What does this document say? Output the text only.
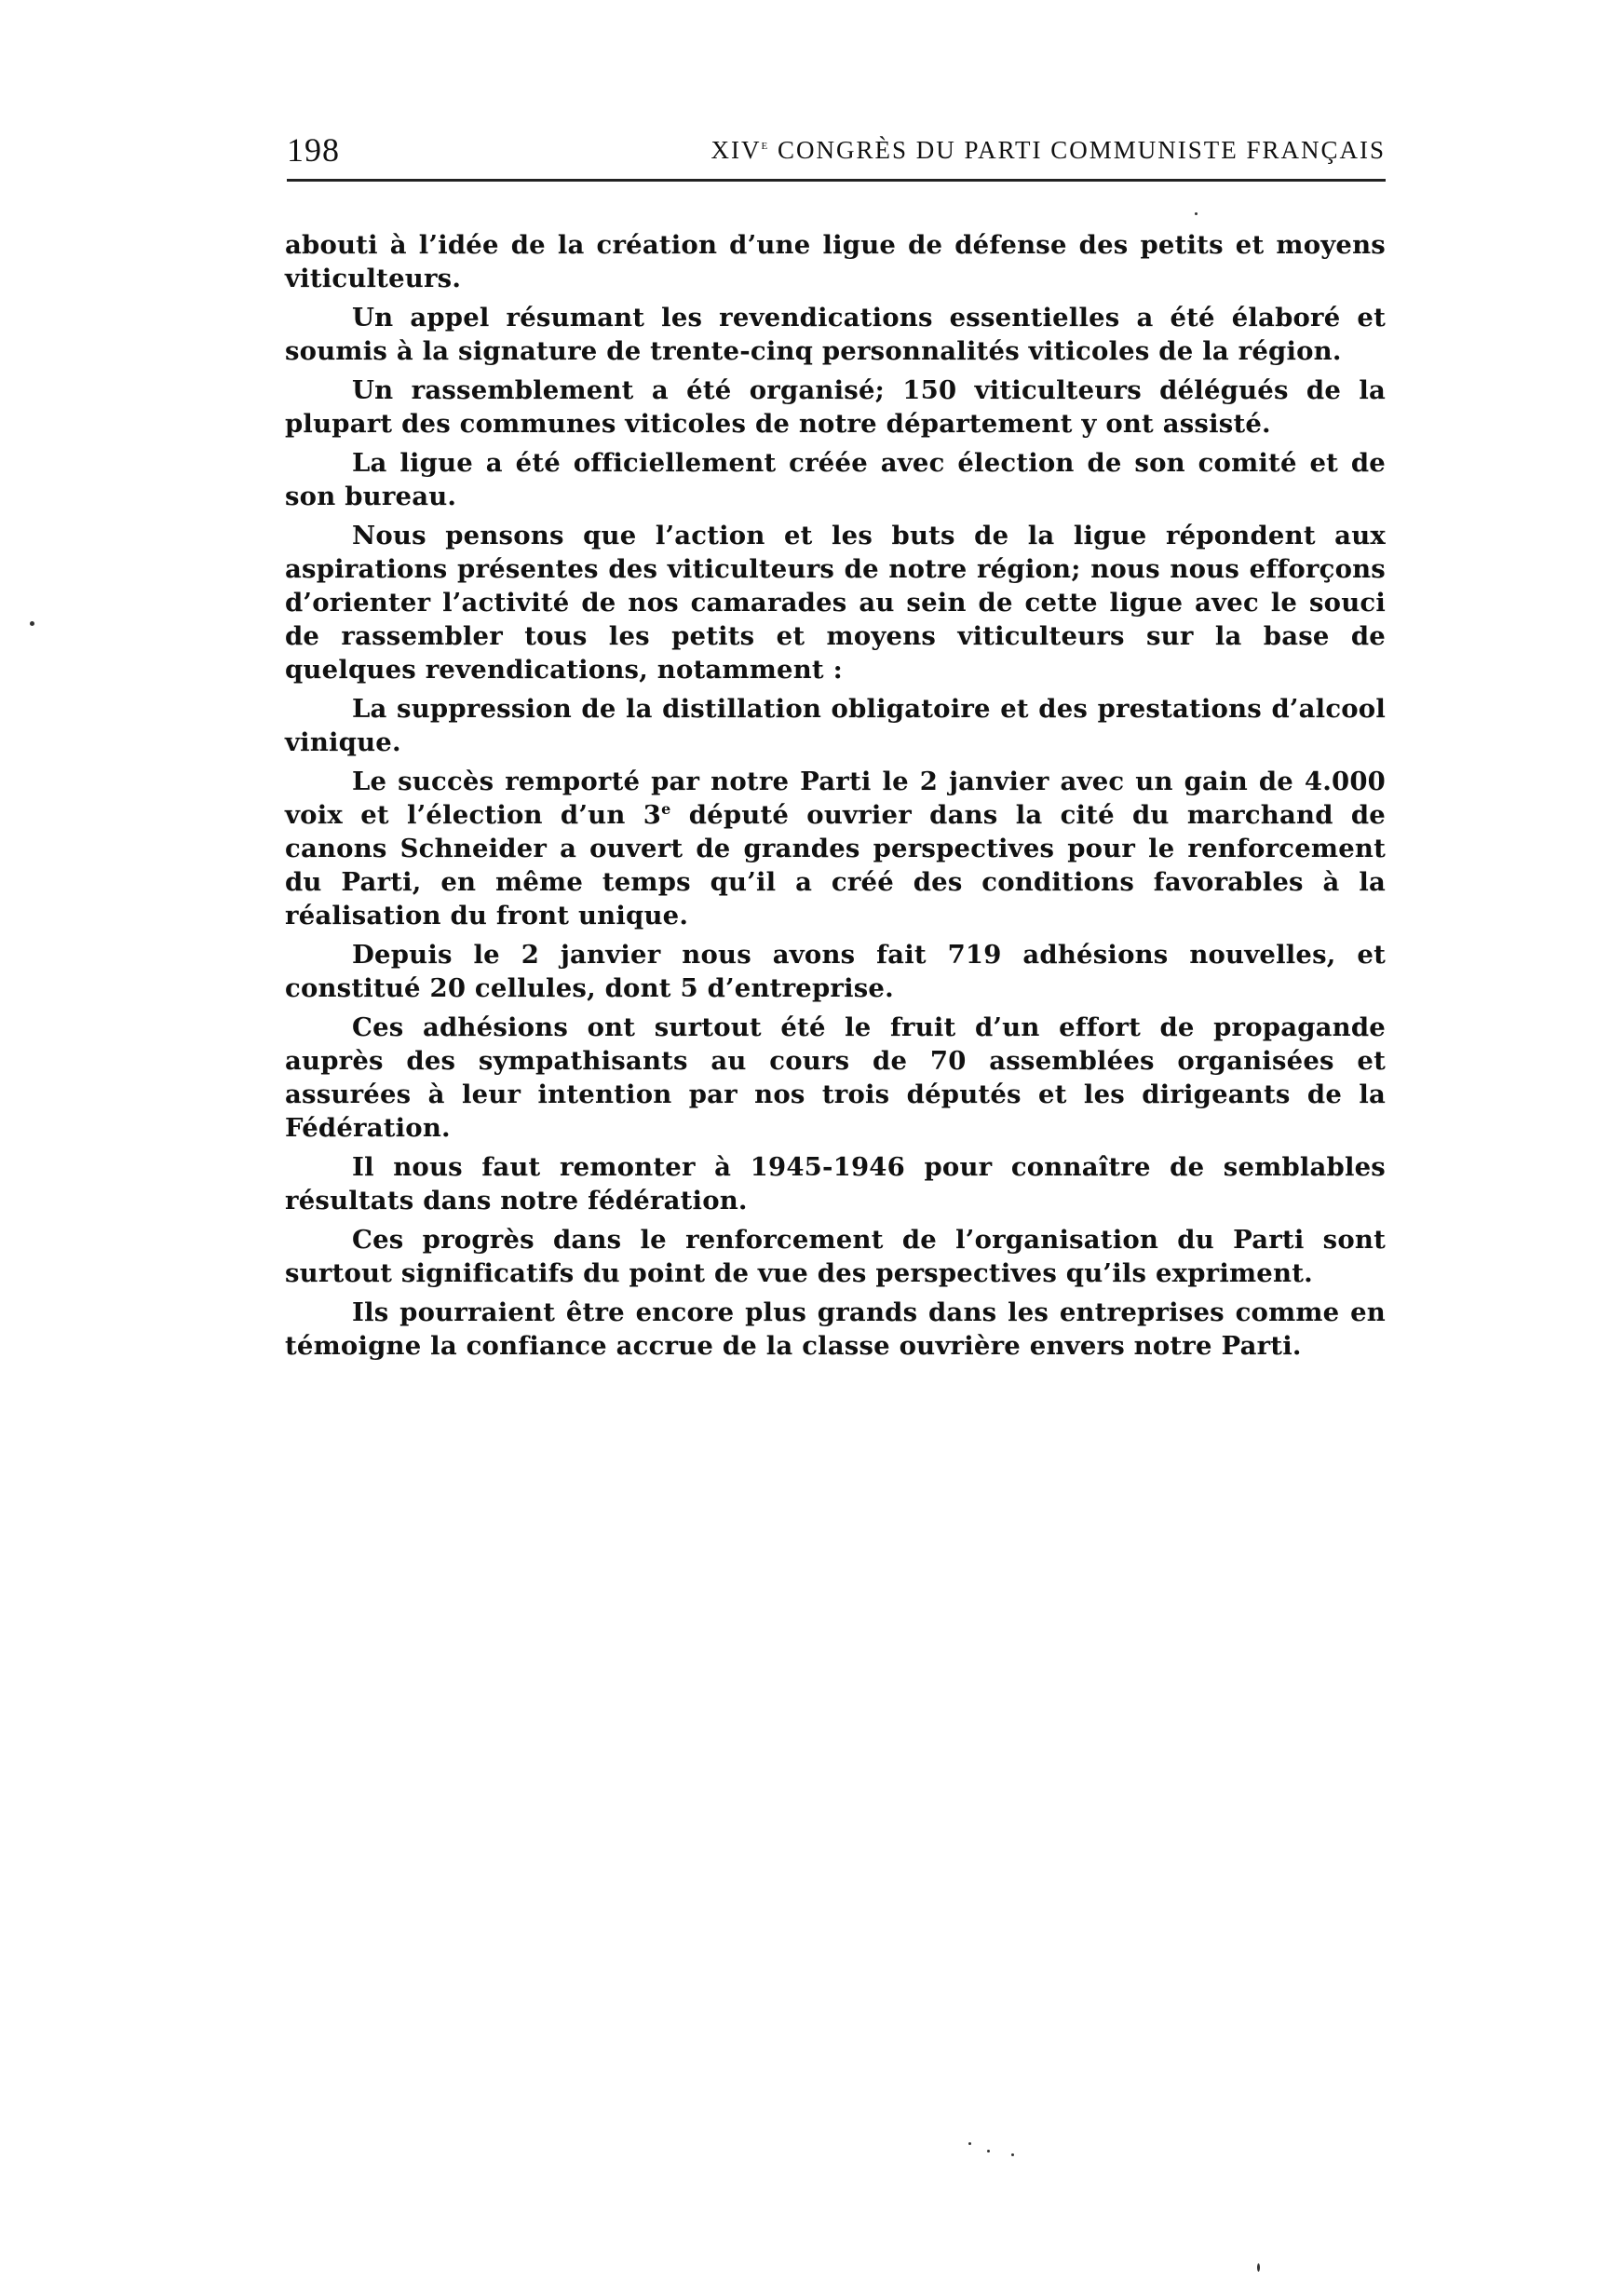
198	XIVe CONGRÈS DU PARTI COMMUNISTE FRANÇAIS

abouti à l’idée de la création d’une ligue de défense des petits et moyens viticulteurs.

Un appel résumant les revendications essentielles a été élaboré et soumis à la signature de trente-cinq personnalités viticoles de la région.

Un rassemblement a été organisé; 150 viticulteurs délégués de la plupart des communes viticoles de notre département y ont assisté.

La ligue a été officiellement créée avec élection de son comité et de son bureau.

Nous pensons que l’action et les buts de la ligue répondent aux aspirations présentes des viticulteurs de notre région; nous nous efforçons d’orienter l’activité de nos camarades au sein de cette ligue avec le souci de rassembler tous les petits et moyens viticulteurs sur la base de quelques revendications, notamment :

La suppression de la distillation obligatoire et des prestations d’alcool vinique.

Le succès remporté par notre Parti le 2 janvier avec un gain de 4.000 voix et l’élection d’un 3e député ouvrier dans la cité du marchand de canons Schneider a ouvert de grandes perspectives pour le renforcement du Parti, en même temps qu’il a créé des conditions favorables à la réalisation du front unique.

Depuis le 2 janvier nous avons fait 719 adhésions nouvelles, et constitué 20 cellules, dont 5 d’entreprise.

Ces adhésions ont surtout été le fruit d’un effort de propagande auprès des sympathisants au cours de 70 assemblées organisées et assurées à leur intention par nos trois députés et les dirigeants de la Fédération.

Il nous faut remonter à 1945-1946 pour connaître de semblables résultats dans notre fédération.

Ces progrès dans le renforcement de l’organisation du Parti sont surtout significatifs du point de vue des perspectives qu’ils expriment.

Ils pourraient être encore plus grands dans les entreprises comme en témoigne la confiance accrue de la classe ouvrière envers notre Parti.
